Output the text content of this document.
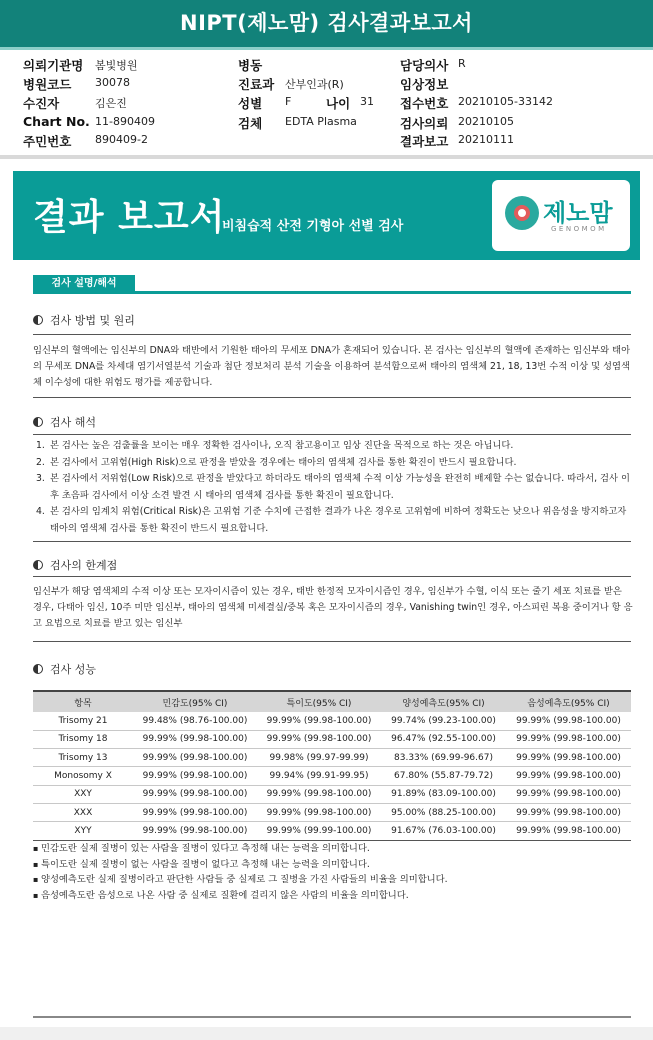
NIPT(제노맘) 검사결과보고서
의뢰기관명 봄빛병원
병원코드 30078
수진자	김은진
Chart No. 11-890409
주민번호 890409-2
병동
진료과 산부인과(R)
성별 F	나이 31
검체 EDTA Plasma
담당의사 R
임상정보
접수번호 20210105-33142
검사의뢰 20210105
결과보고 20210111
결과 보고서
비침습적 산전 기형아 선별 검사	제노맘
GENOMOM
검사 설명/해석
검사 방법 및 원리
임신부의 혈액에는 임신부의 DNA와 태반에서 기원한 태아의 무세포 DNA가 혼재되어 있습니다. 본 검사는 임신부의 혈액에 존재하는 임신부와 태아의 무세포 DNA를 차세대 염기서열분석 기술과 첨단 정보처리 분석 기술을 이용하여 분석함으로써 태아의 염색체 21, 18, 13번 수적 이상 및 성염색체 이수성에 대한 위험도 평가를 제공합니다.
검사 해석
1. 본 검사는 높은 검출률을 보이는 매우 정확한 검사이나, 오직 참고용이고 임상 진단을 목적으로 하는 것은 아닙니다.
2. 본 검사에서 고위험(High Risk)으로 판정을 받았을 경우에는 태아의 염색체 검사를 통한 확진이 반드시 필요합니다.
3. 본 검사에서 저위험(Low Risk)으로 판정을 받았다고 하더라도 태아의 염색체 수적 이상 가능성을 완전히 배제할 수는 없습니다. 따라서, 검사 이후 초음파 검사에서 이상 소견 발견 시 태아의 염색체 검사를 통한 확진이 필요합니다.
4. 본 검사의 임계치 위험(Critical Risk)은 고위험 기준 수치에 근접한 결과가 나온 경우로 고위험에 비하여 정확도는 낮으나 위음성을 방지하고자 태아의 염색체 검사를 통한 확진이 반드시 필요합니다.
검사의 한계점
임신부가 해당 염색체의 수적 이상 또는 모자이시즘이 있는 경우, 태반 한정적 모자이시즘인 경우, 임신부가 수혈, 이식 또는 줄기 세포 치료를 받은 경우, 다태아 임신, 10주 미만 임신부, 태아의 염색체 미세결실/중복 혹은 모자이시즘의 경우, Vanishing twin인 경우, 아스피린 복용 중이거나 항 응고 요법으로 치료를 받고 있는 임신부
검사 성능
항목	민감도(95% CI)	특이도(95% CI)	양성예측도(95% CI)	음성예측도(95% CI)
Trisomy 21	99.48% (98.76-100.00)	99.99% (99.98-100.00)	99.74% (99.23-100.00)	99.99% (99.98-100.00)
Trisomy 18	99.99% (99.98-100.00)	99.99% (99.98-100.00)	96.47% (92.55-100.00)	99.99% (99.98-100.00)
Trisomy 13	99.99% (99.98-100.00)	99.98% (99.97-99.99)	83.33% (69.99-96.67)	99.99% (99.98-100.00)
Monosomy X	99.99% (99.98-100.00)	99.94% (99.91-99.95)	67.80% (55.87-79.72)	99.99% (99.98-100.00)
XXY	99.99% (99.98-100.00)	99.99% (99.98-100.00)	91.89% (83.09-100.00)	99.99% (99.98-100.00)
XXX	99.99% (99.98-100.00)	99.99% (99.98-100.00)	95.00% (88.25-100.00)	99.99% (99.98-100.00)
XYY	99.99% (99.98-100.00)	99.99% (99.99-100.00)	91.67% (76.03-100.00)	99.99% (99.98-100.00)
▪ 민감도란 실제 질병이 있는 사람을 질병이 있다고 측정해 내는 능력을 의미합니다.
▪ 특이도란 실제 질병이 없는 사람을 질병이 없다고 측정해 내는 능력을 의미합니다.
▪ 양성예측도란 실제 질병이라고 판단한 사람들 중 실제로 그 질병을 가진 사람들의 비율을 의미합니다.
▪ 음성예측도란 음성으로 나온 사람 중 실제로 질환에 걸리지 않은 사람의 비율을 의미합니다.
